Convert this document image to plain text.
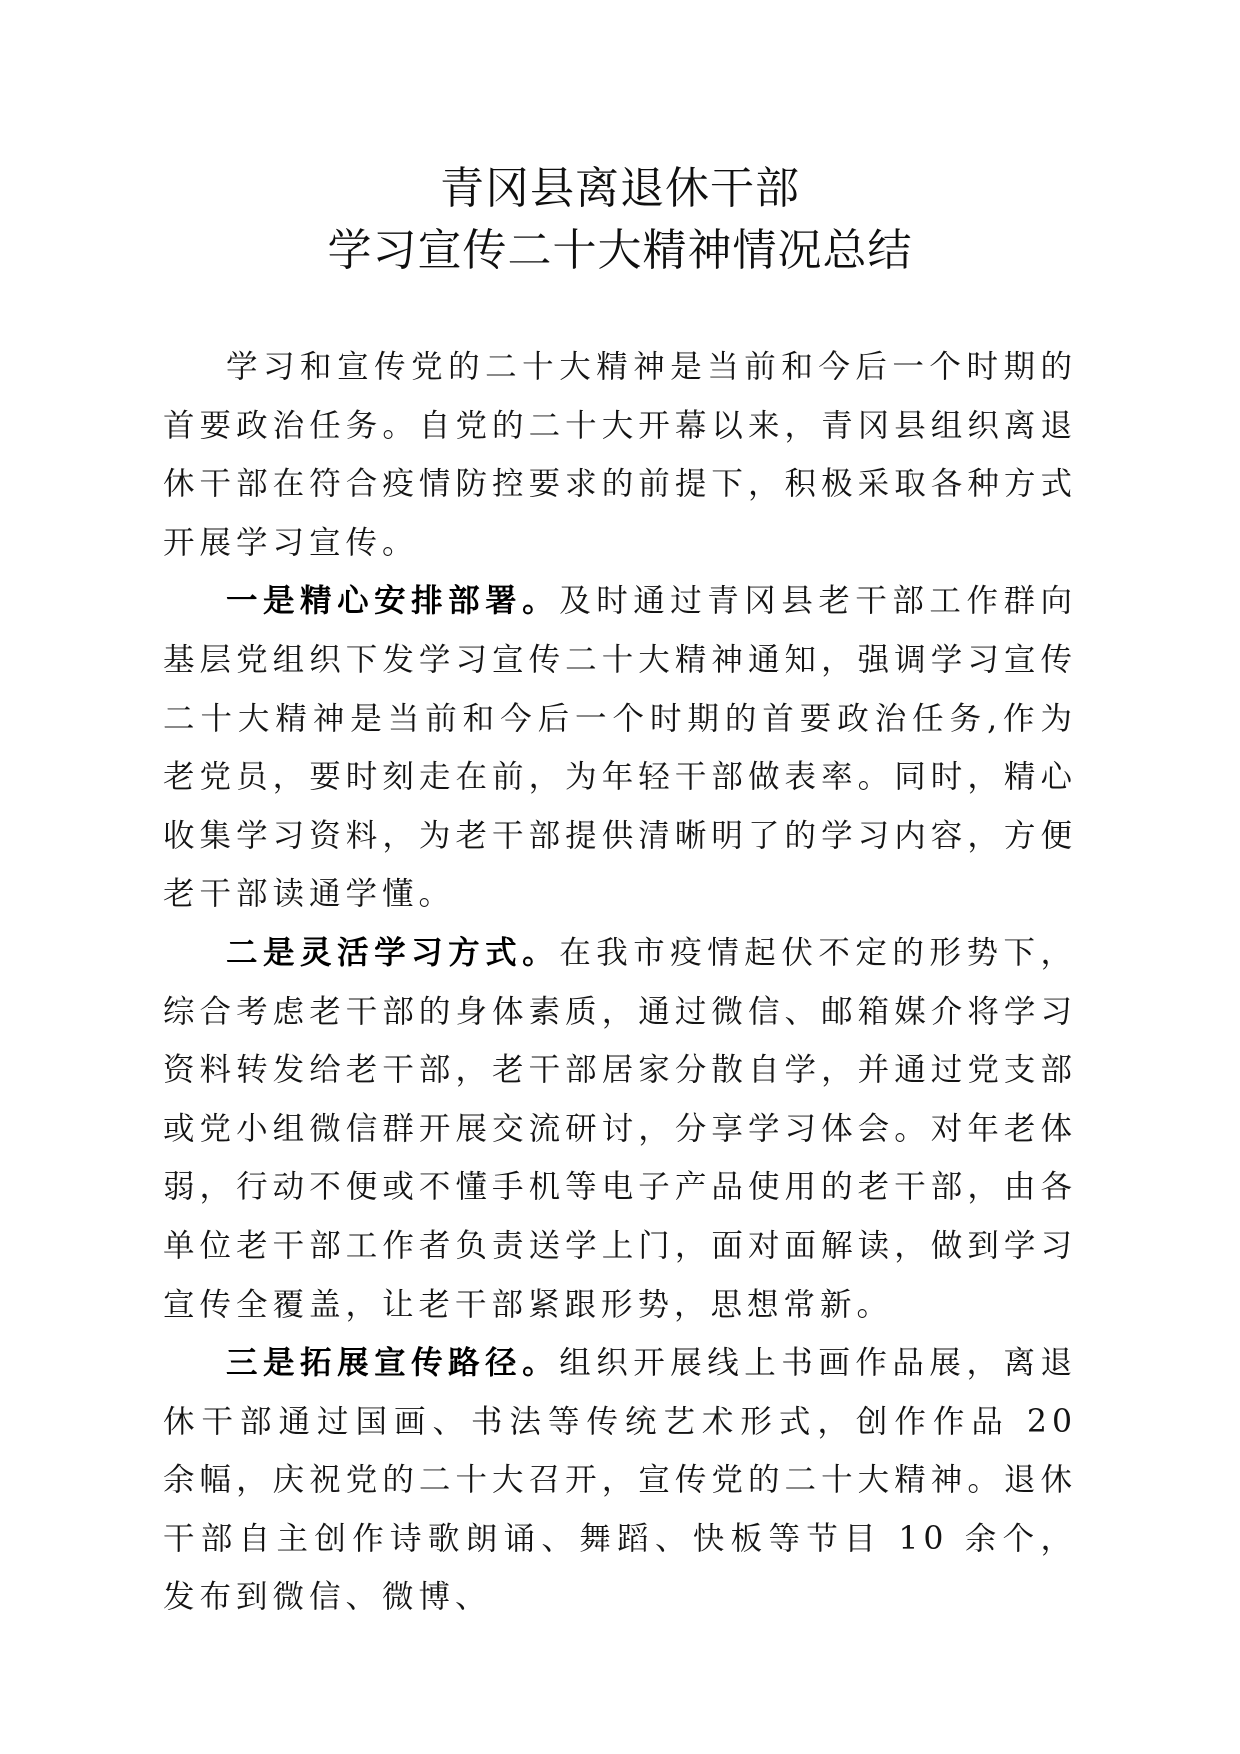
青冈县离退休干部
学习宣传二十大精神情况总结

学习和宣传党的二十大精神是当前和今后一个时期的首要政治任务。自党的二十大开幕以来，青冈县组织离退休干部在符合疫情防控要求的前提下，积极采取各种方式开展学习宣传。

一是精心安排部署。及时通过青冈县老干部工作群向基层党组织下发学习宣传二十大精神通知，强调学习宣传二十大精神是当前和今后一个时期的首要政治任务,作为老党员，要时刻走在前，为年轻干部做表率。同时，精心收集学习资料，为老干部提供清晰明了的学习内容，方便老干部读通学懂。

二是灵活学习方式。在我市疫情起伏不定的形势下，综合考虑老干部的身体素质，通过微信、邮箱媒介将学习资料转发给老干部，老干部居家分散自学，并通过党支部或党小组微信群开展交流研讨，分享学习体会。对年老体弱，行动不便或不懂手机等电子产品使用的老干部，由各单位老干部工作者负责送学上门，面对面解读，做到学习宣传全覆盖，让老干部紧跟形势，思想常新。

三是拓展宣传路径。组织开展线上书画作品展，离退休干部通过国画、书法等传统艺术形式，创作作品 20 余幅，庆祝党的二十大召开，宣传党的二十大精神。退休干部自主创作诗歌朗诵、舞蹈、快板等节目 10 余个，发布到微信、微博、
